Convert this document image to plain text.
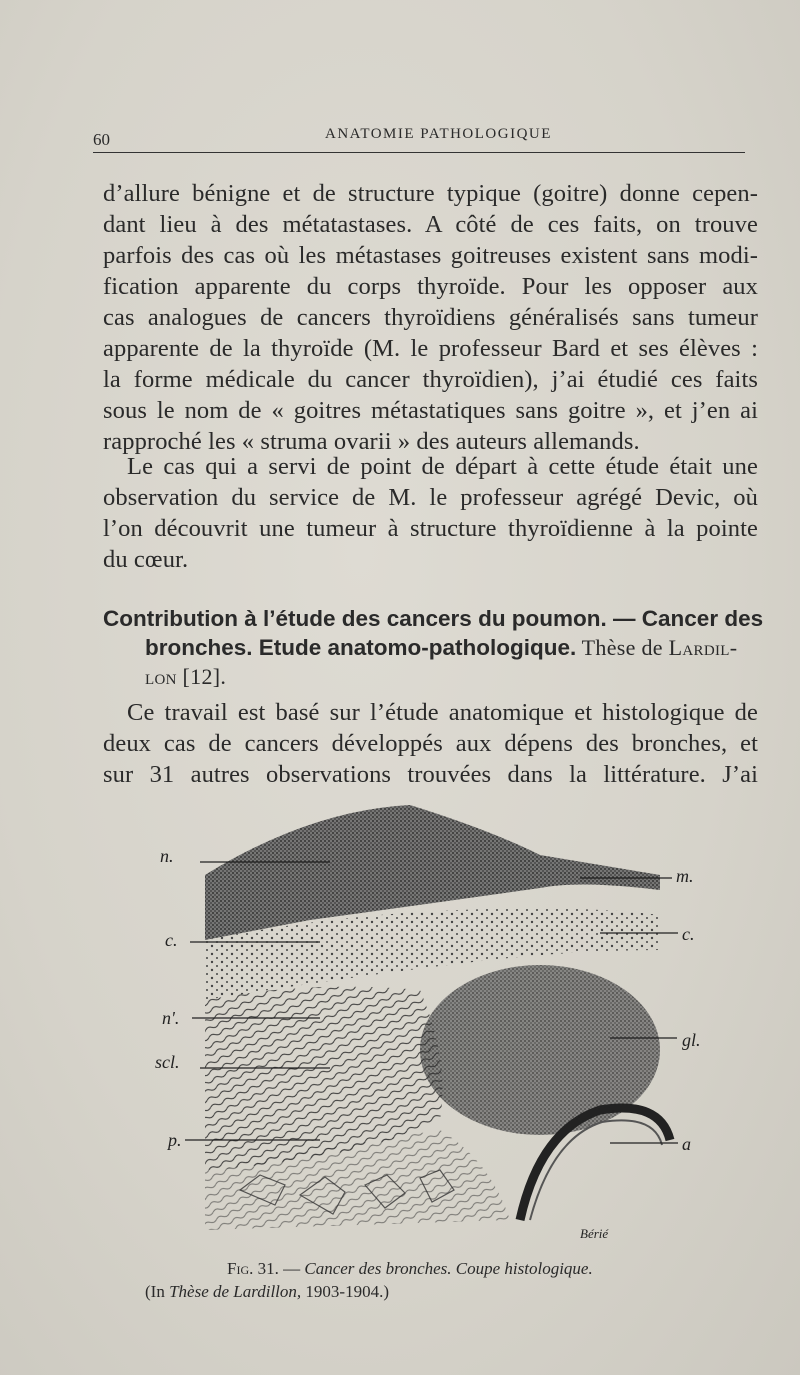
60	ANATOMIE PATHOLOGIQUE
d’allure bénigne et de structure typique (goitre) donne cepen-
dant lieu à des métatastases. A côté de ces faits, on trouve
parfois des cas où les métastases goitreuses existent sans modi-
fication apparente du corps thyroïde. Pour les opposer aux
cas analogues de cancers thyroïdiens généralisés sans tumeur
apparente de la thyroïde (M. le professeur Bard et ses élèves :
la forme médicale du cancer thyroïdien), j’ai étudié ces faits
sous le nom de « goitres métastatiques sans goitre », et j’en ai
rapproché les « struma ovarii » des auteurs allemands.
Le cas qui a servi de point de départ à cette étude était une
observation du service de M. le professeur agrégé Devic, où
l’on découvrit une tumeur à structure thyroïdienne à la pointe
du cœur.
Contribution à l’étude des cancers du poumon. — Cancer des
bronches. Etude anatomo-pathologique. Thèse de Lardil-
lon [12].
Ce travail est basé sur l’étude anatomique et histologique de
deux cas de cancers développés aux dépens des bronches, et
sur 31 autres observations trouvées dans la littérature. J’ai
n.
c.
n'.
scl.
p.
m.
c.
gl.
a
Bérié
Fig. 31. — Cancer des bronches. Coupe histologique.
(In Thèse de Lardillon, 1903-1904.)
